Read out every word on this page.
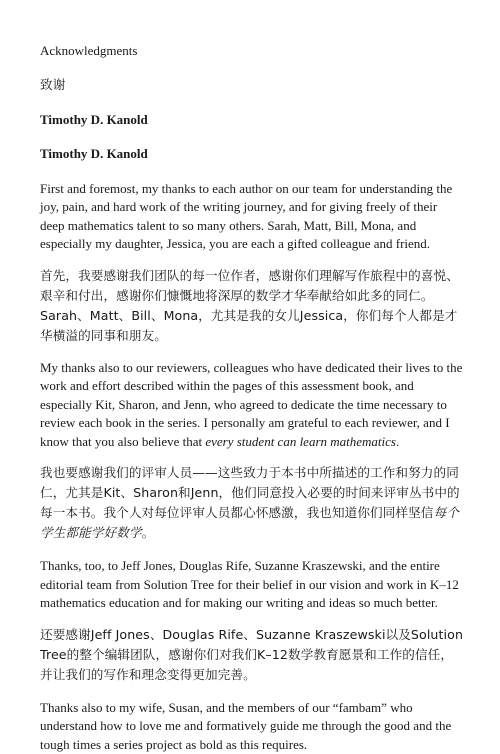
Acknowledgments

致谢

Timothy D. Kanold

Timothy D. Kanold

First and foremost, my thanks to each author on our team for understanding the joy, pain, and hard work of the writing journey, and for giving freely of their deep mathematics talent to so many others. Sarah, Matt, Bill, Mona, and especially my daughter, Jessica, you are each a gifted colleague and friend.

首先，我要感谢我们团队的每一位作者，感谢你们理解写作旅程中的喜悦、艰辛和付出，感谢你们慷慨地将深厚的数学才华奉献给如此多的同仁。Sarah、Matt、Bill、Mona，尤其是我的女儿Jessica，你们每个人都是才华横溢的同事和朋友。

My thanks also to our reviewers, colleagues who have dedicated their lives to the work and effort described within the pages of this assessment book, and especially Kit, Sharon, and Jenn, who agreed to dedicate the time necessary to review each book in the series. I personally am grateful to each reviewer, and I know that you also believe that every student can learn mathematics.

我也要感谢我们的评审人员——这些致力于本书中所描述的工作和努力的同仁，尤其是Kit、Sharon和Jenn，他们同意投入必要的时间来评审丛书中的每一本书。我个人对每位评审人员都心怀感激，我也知道你们同样坚信每个学生都能学好数学。

Thanks, too, to Jeff Jones, Douglas Rife, Suzanne Kraszewski, and the entire editorial team from Solution Tree for their belief in our vision and work in K–12 mathematics education and for making our writing and ideas so much better.

还要感谢Jeff Jones、Douglas Rife、Suzanne Kraszewski以及Solution Tree的整个编辑团队，感谢你们对我们K–12数学教育愿景和工作的信任，并让我们的写作和理念变得更加完善。

Thanks also to my wife, Susan, and the members of our “fambam” who understand how to love me and formatively guide me through the good and the tough times a series project as bold as this requires.
